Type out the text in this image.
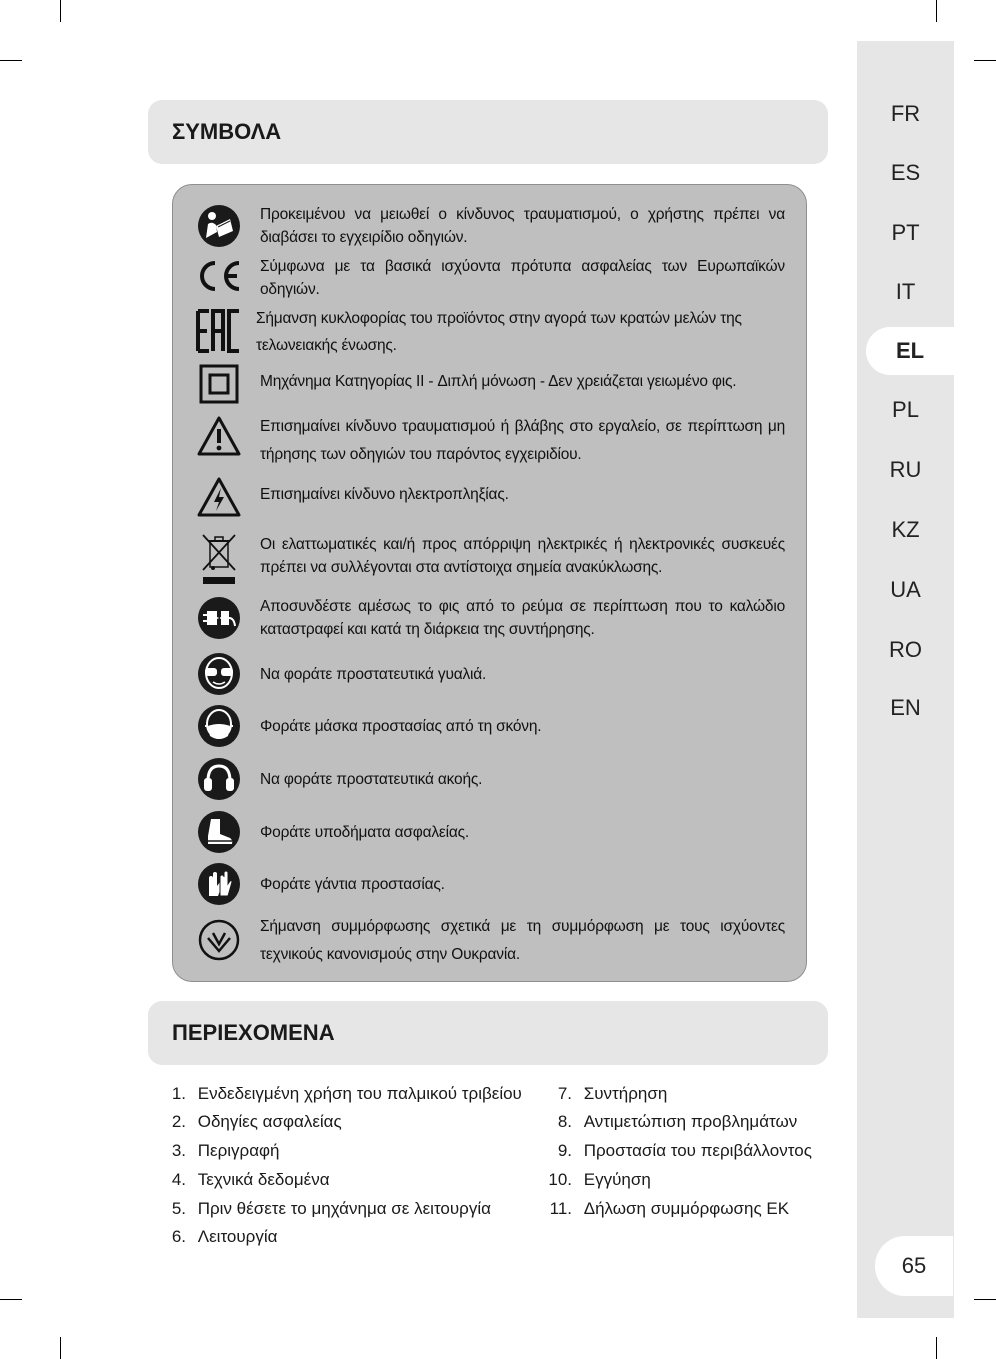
FR
ES
PT
IT
EL
PL
RU
KZ
UA
RO
EN
65
ΣΥΜΒΟΛΑ
Προκειμένου να μειωθεί ο κίνδυνος τραυματισμού, ο χρήστης πρέπει να διαβάσει το εγχειρίδιο οδηγιών.
Σύμφωνα με τα βασικά ισχύοντα πρότυπα ασφαλείας των Ευρωπαϊκών οδηγιών.
Σήμανση κυκλοφορίας του προϊόντος στην αγορά των κρατών μελών της τελωνειακής ένωσης.
Μηχάνημα Κατηγορίας II - Διπλή μόνωση - Δεν χρειάζεται γειωμένο φις.
Επισημαίνει κίνδυνο τραυματισμού ή βλάβης στο εργαλείο, σε περίπτωση μη τήρησης των οδηγιών του παρόντος εγχειριδίου.
Επισημαίνει κίνδυνο ηλεκτροπληξίας.
Οι ελαττωματικές και/ή προς απόρριψη ηλεκτρικές ή ηλεκτρονικές συσκευές πρέπει να συλλέγονται στα αντίστοιχα σημεία ανακύκλωσης.
Αποσυνδέστε αμέσως το φις από το ρεύμα σε περίπτωση που το καλώδιο καταστραφεί και κατά τη διάρκεια της συντήρησης.
Να φοράτε προστατευτικά γυαλιά.
Φοράτε μάσκα προστασίας από τη σκόνη.
Να φοράτε προστατευτικά ακοής.
Φοράτε υποδήματα ασφαλείας.
Φοράτε γάντια προστασίας.
Σήμανση συμμόρφωσης σχετικά με τη συμμόρφωση με τους ισχύοντες τεχνικούς κανονισμούς στην Ουκρανία.
ΠΕΡΙΕΧΟΜΕΝΑ
1. Ενδεδειγμένη χρήση του παλμικού τριβείου
2. Οδηγίες ασφαλείας
3. Περιγραφή
4. Τεχνικά δεδομένα
5. Πριν θέσετε το μηχάνημα σε λειτουργία
6. Λειτουργία
7. Συντήρηση
8. Αντιμετώπιση προβλημάτων
9. Προστασία του περιβάλλοντος
10. Εγγύηση
11. Δήλωση συμμόρφωσης ΕΚ
